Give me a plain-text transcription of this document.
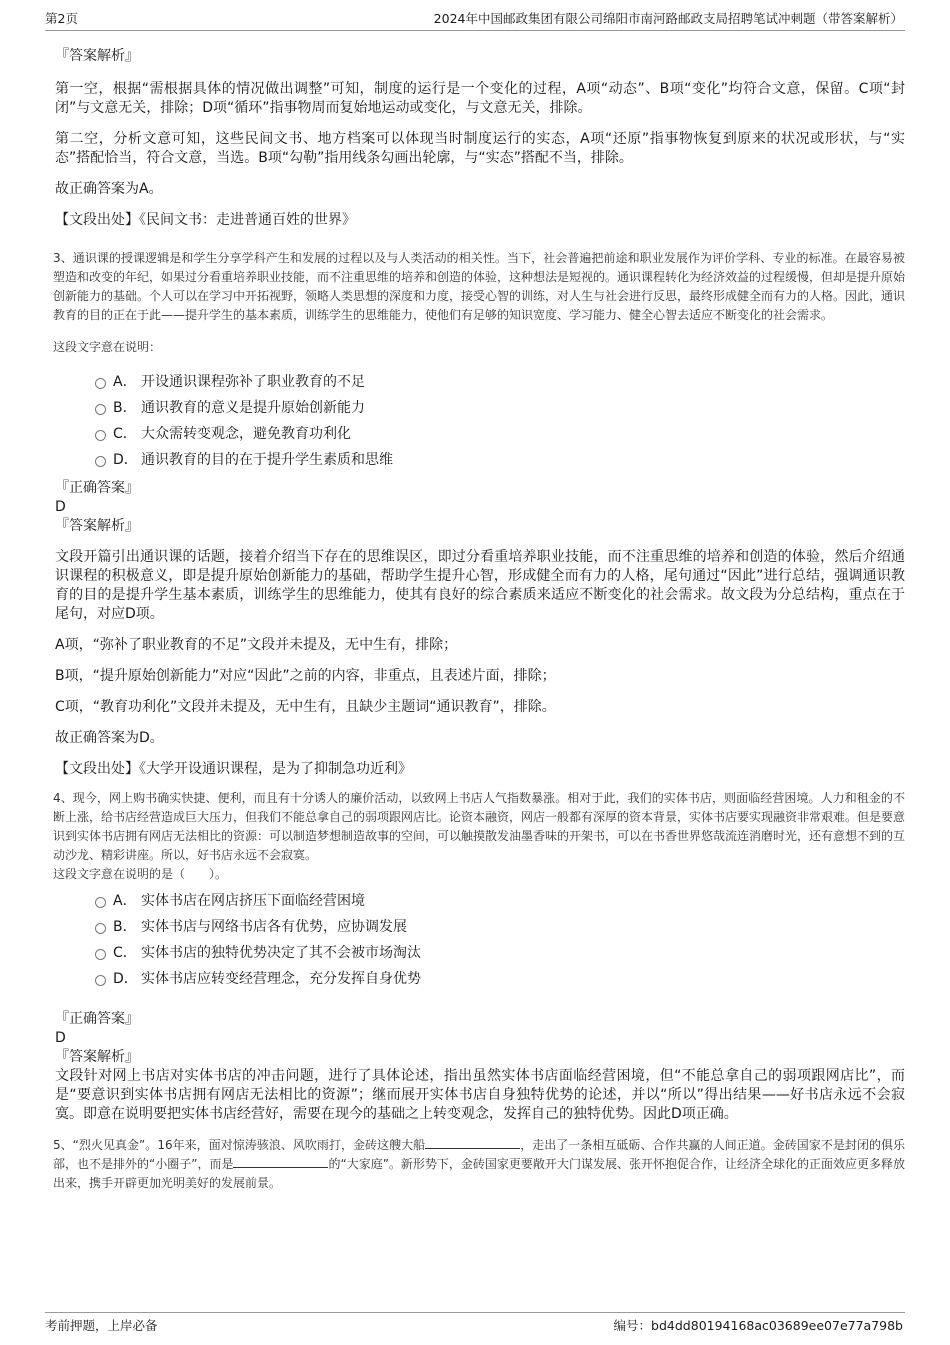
第2页	2024年中国邮政集团有限公司绵阳市南河路邮政支局招聘笔试冲刺题（带答案解析）

『答案解析』

第一空，根据“需根据具体的情况做出调整”可知，制度的运行是一个变化的过程，A项“动态”、B项“变化”均符合文意，保留。C项“封闭”与文意无关，排除；D项“循环”指事物周而复始地运动或变化，与文意无关，排除。

第二空，分析文意可知，这些民间文书、地方档案可以体现当时制度运行的实态，A项“还原”指事物恢复到原来的状况或形状，与“实态”搭配恰当，符合文意，当选。B项“勾勒”指用线条勾画出轮廓，与“实态”搭配不当，排除。

故正确答案为A。

【文段出处】《民间文书：走进普通百姓的世界》

3、通识课的授课逻辑是和学生分享学科产生和发展的过程以及与人类活动的相关性。当下，社会普遍把前途和职业发展作为评价学科、专业的标准。在最容易被塑造和改变的年纪，如果过分看重培养职业技能，而不注重思维的培养和创造的体验，这种想法是短视的。通识课程转化为经济效益的过程缓慢，但却是提升原始创新能力的基础。个人可以在学习中开拓视野，领略人类思想的深度和力度，接受心智的训练，对人生与社会进行反思，最终形成健全而有力的人格。因此，通识教育的目的正在于此——提升学生的基本素质，训练学生的思维能力，使他们有足够的知识宽度、学习能力、健全心智去适应不断变化的社会需求。

这段文字意在说明：

A． 开设通识课程弥补了职业教育的不足
B． 通识教育的意义是提升原始创新能力
C． 大众需转变观念，避免教育功利化
D． 通识教育的目的在于提升学生素质和思维

『正确答案』

D

『答案解析』

文段开篇引出通识课的话题，接着介绍当下存在的思维误区，即过分看重培养职业技能，而不注重思维的培养和创造的体验，然后介绍通识课程的积极意义，即是提升原始创新能力的基础，帮助学生提升心智，形成健全而有力的人格，尾句通过“因此”进行总结，强调通识教育的目的是提升学生基本素质，训练学生的思维能力，使其有良好的综合素质来适应不断变化的社会需求。故文段为分总结构，重点在于尾句，对应D项。

A项，“弥补了职业教育的不足”文段并未提及，无中生有，排除；

B项，“提升原始创新能力”对应“因此”之前的内容，非重点，且表述片面，排除；

C项，“教育功利化”文段并未提及，无中生有，且缺少主题词“通识教育”，排除。

故正确答案为D。

【文段出处】《大学开设通识课程，是为了抑制急功近利》

4、现今，网上购书确实快捷、便利，而且有十分诱人的廉价活动，以致网上书店人气指数暴涨。相对于此，我们的实体书店，则面临经营困境。人力和租金的不断上涨，给书店经营造成巨大压力，但我们不能总拿自己的弱项跟网店比。论资本融资，网店一般都有深厚的资本背景，实体书店要实现融资非常艰难。但是要意识到实体书店拥有网店无法相比的资源：可以制造梦想制造故事的空间，可以触摸散发油墨香味的开架书，可以在书香世界悠哉流连消磨时光，还有意想不到的互动沙龙、精彩讲座。所以，好书店永远不会寂寞。

这段文字意在说明的是（　　）。

A． 实体书店在网店挤压下面临经营困境
B． 实体书店与网络书店各有优势，应协调发展
C． 实体书店的独特优势决定了其不会被市场淘汰
D． 实体书店应转变经营理念，充分发挥自身优势

『正确答案』

D

『答案解析』

文段针对网上书店对实体书店的冲击问题，进行了具体论述，指出虽然实体书店面临经营困境，但“不能总拿自己的弱项跟网店比”，而是“要意识到实体书店拥有网店无法相比的资源”；继而展开实体书店自身独特优势的论述，并以“所以”得出结果——好书店永远不会寂寞。即意在说明要把实体书店经营好，需要在现今的基础之上转变观念，发挥自己的独特优势。因此D项正确。

5、“烈火见真金”。16年来，面对惊涛骇浪、风吹雨打，金砖这艘大船	，走出了一条相互砥砺、合作共赢的人间正道。金砖国家不是封闭的俱乐部，也不是排外的“小圈子”，而是	的“大家庭”。新形势下，金砖国家更要敞开大门谋发展、张开怀抱促合作，让经济全球化的正面效应更多释放出来，携手开辟更加光明美好的发展前景。

考前押题，上岸必备	编号：bd4dd80194168ac03689ee07e77a798b
